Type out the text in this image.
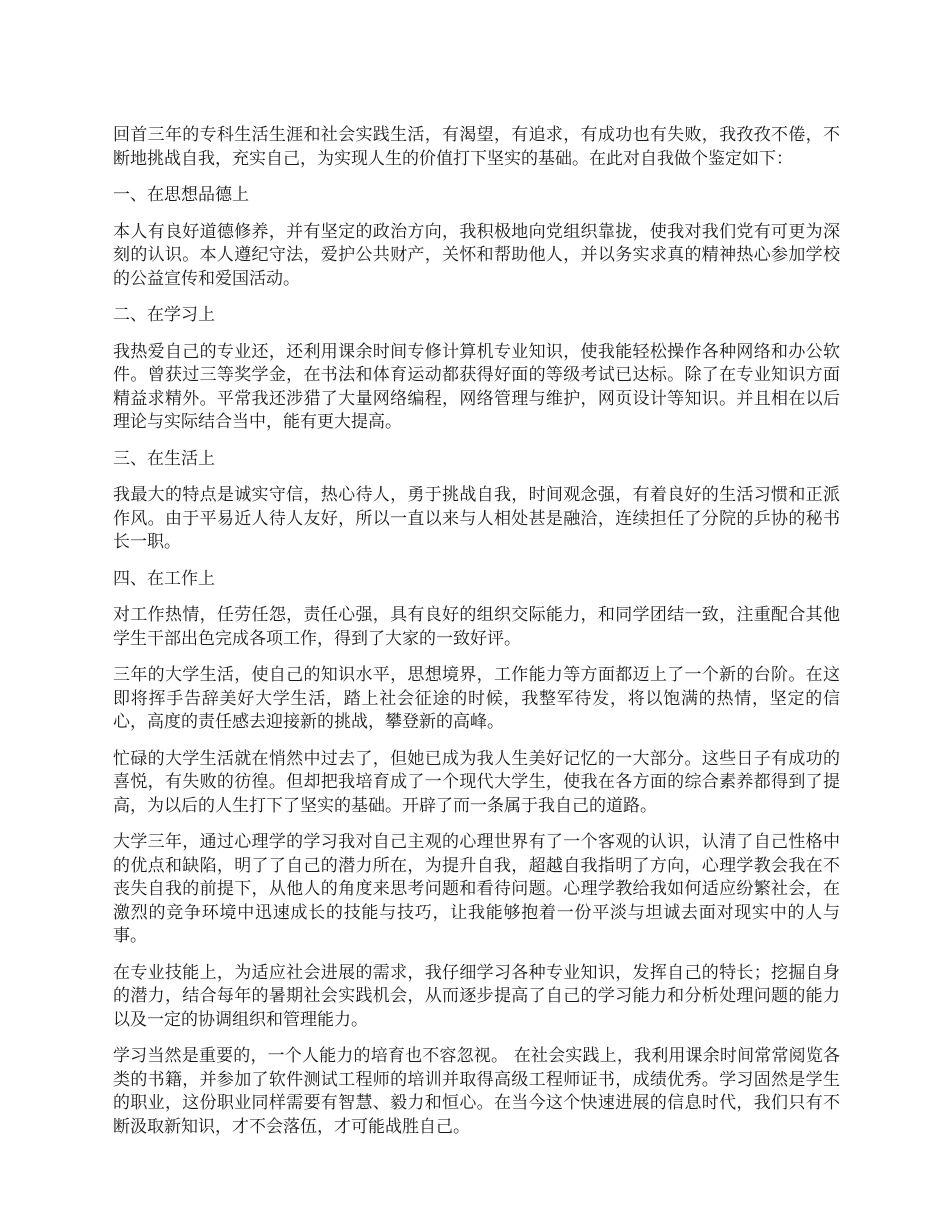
回首三年的专科生活生涯和社会实践生活，有渴望，有追求，有成功也有失败，我孜孜不倦，不断地挑战自我，充实自己，为实现人生的价值打下坚实的基础。在此对自我做个鉴定如下：

一、在思想品德上

本人有良好道德修养，并有坚定的政治方向，我积极地向党组织靠拢，使我对我们党有可更为深刻的认识。本人遵纪守法，爱护公共财产，关怀和帮助他人，并以务实求真的精神热心参加学校的公益宣传和爱国活动。

二、在学习上

我热爱自己的专业还，还利用课余时间专修计算机专业知识，使我能轻松操作各种网络和办公软件。曾获过三等奖学金，在书法和体育运动都获得好面的等级考试已达标。除了在专业知识方面精益求精外。平常我还涉猎了大量网络编程，网络管理与维护，网页设计等知识。并且相在以后理论与实际结合当中，能有更大提高。

三、在生活上

我最大的特点是诚实守信，热心待人，勇于挑战自我，时间观念强，有着良好的生活习惯和正派作风。由于平易近人待人友好，所以一直以来与人相处甚是融洽，连续担任了分院的乒协的秘书长一职。

四、在工作上

对工作热情，任劳任怨，责任心强，具有良好的组织交际能力，和同学团结一致，注重配合其他学生干部出色完成各项工作，得到了大家的一致好评。

三年的大学生活，使自己的知识水平，思想境界，工作能力等方面都迈上了一个新的台阶。在这即将挥手告辞美好大学生活，踏上社会征途的时候，我整军待发，将以饱满的热情，坚定的信心，高度的责任感去迎接新的挑战，攀登新的高峰。

忙碌的大学生活就在悄然中过去了，但她已成为我人生美好记忆的一大部分。这些日子有成功的喜悦，有失败的彷徨。但却把我培育成了一个现代大学生，使我在各方面的综合素养都得到了提高，为以后的人生打下了坚实的基础。开辟了而一条属于我自己的道路。

大学三年，通过心理学的学习我对自己主观的心理世界有了一个客观的认识，认清了自己性格中的优点和缺陷，明了了自己的潜力所在，为提升自我，超越自我指明了方向，心理学教会我在不丧失自我的前提下，从他人的角度来思考问题和看待问题。心理学教给我如何适应纷繁社会，在激烈的竞争环境中迅速成长的技能与技巧，让我能够抱着一份平淡与坦诚去面对现实中的人与事。

在专业技能上，为适应社会进展的需求，我仔细学习各种专业知识，发挥自己的特长；挖掘自身的潜力，结合每年的暑期社会实践机会，从而逐步提高了自己的学习能力和分析处理问题的能力以及一定的协调组织和管理能力。

学习当然是重要的，一个人能力的培育也不容忽视。 在社会实践上，我利用课余时间常常阅览各类的书籍，并参加了软件测试工程师的培训并取得高级工程师证书，成绩优秀。学习固然是学生的职业，这份职业同样需要有智慧、毅力和恒心。在当今这个快速进展的信息时代，我们只有不断汲取新知识，才不会落伍，才可能战胜自己。
